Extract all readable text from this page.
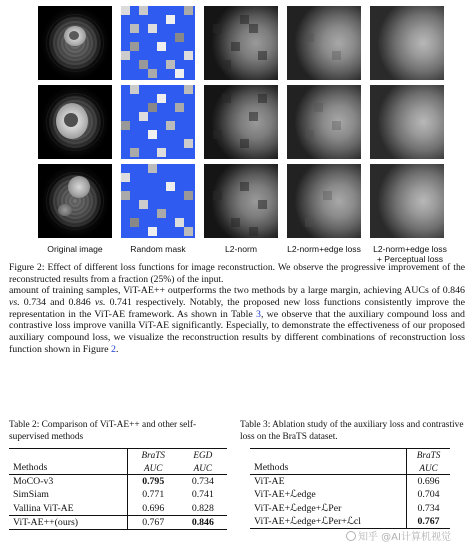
Original image	Random mask	L2-norm	L2-norm+edge loss	L2-norm+edge loss
+ Perceptual loss

Figure 2: Effect of different loss functions for image reconstruction. We observe the progressive improvement of the reconstructed results from a fraction (25%) of the input.

amount of training samples, ViT-AE++ outperforms the two methods by a large margin, achieving AUCs of 0.846 vs. 0.734 and 0.846 vs. 0.741 respectively. Notably, the proposed new loss functions consistently improve the representation in the ViT-AE framework. As shown in Table 3, we observe that the auxiliary compound loss and contrastive loss improve vanilla ViT-AE significantly. Especially, to demonstrate the effectiveness of our proposed auxiliary compound loss, we visualize the reconstruction results by different combinations of reconstruction loss function shown in Figure 2.

Table 2: Comparison of ViT-AE++ and other self-supervised methods
Methods	BraTS	EGD
	AUC	AUC
MoCO-v3	0.795	0.734
SimSiam	0.771	0.741
Vallina ViT-AE	0.696	0.828
ViT-AE++(ours)	0.767	0.846
Table 3: Ablation study of the auxiliary loss and contrastive loss on the BraTS dataset.
Methods	BraTS
	AUC
ViT-AE	0.696
ViT-AE+ℒedge	0.704
ViT-AE+ℒedge+ℒPer	0.734
ViT-AE+ℒedge+ℒPer+ℒcl	0.767
知乎 @AI计算机视觉
